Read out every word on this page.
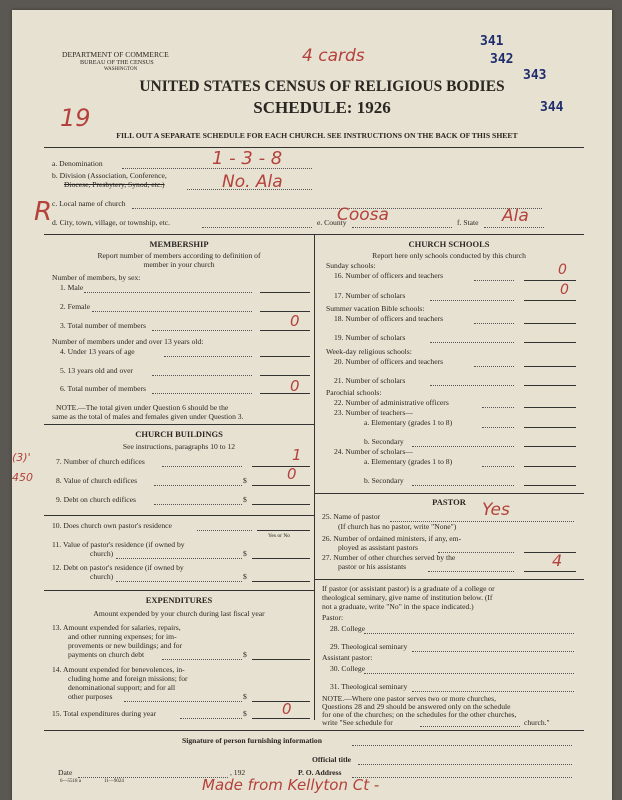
DEPARTMENT OF COMMERCE
BUREAU OF THE CENSUS
WASHINGTON
4 cards
341
342
343
344
UNITED STATES CENSUS OF RELIGIOUS BODIES
SCHEDULE: 1926
19
FILL OUT A SEPARATE SCHEDULE FOR EACH CHURCH. SEE INSTRUCTIONS ON THE BACK OF THIS SHEET
a. Denomination	1 - 3 - 8
b. Division (Association, Conference,
Diocese, Presbytery, Synod, etc.)	No. Ala
R c. Local name of church
d. City, town, village, or township, etc.	e. County
Coosa	f. State Ala
MEMBERSHIP
Report number of members according to definition of
member in your church
Number of members, by sex:
1. Male
2. Female
3. Total number of members	0
Number of members under and over 13 years old:
4. Under 13 years of age
5. 13 years old and over
6. Total number of members	0
NOTE.—The total given under Question 6 should be the
same as the total of males and females given under Question 3.
CHURCH BUILDINGS
See instructions, paragraphs 10 to 12
(3)'
450
7. Number of church edifices	1
8. Value of church edifices	$	0
9. Debt on church edifices	$
10. Does church own pastor's residence
Yes or No
11. Value of pastor's residence (if owned by
church)	$
12. Debt on pastor's residence (if owned by
church)	$
EXPENDITURES
Amount expended by your church during last fiscal year
13. Amount expended for salaries, repairs,
and other running expenses; for im-
provements or new buildings; and for
payments on church debt	$
14. Amount expended for benevolences, in-
cluding home and foreign missions; for
denominational support; and for all
other purposes	$
15. Total expenditures during year	$ 0
CHURCH SCHOOLS
Report here only schools conducted by this church
Sunday schools:
16. Number of officers and teachers	0
17. Number of scholars	0
Summer vacation Bible schools:
18. Number of officers and teachers
19. Number of scholars
Week-day religious schools:
20. Number of officers and teachers
21. Number of scholars
Parochial schools:
22. Number of administrative officers
23. Number of teachers—
a. Elementary (grades 1 to 8)
b. Secondary
24. Number of scholars—
a. Elementary (grades 1 to 8)
b. Secondary
PASTOR
25. Name of pastor	Yes
(If church has no pastor, write "None")
26. Number of ordained ministers, if any, em-
ployed as assistant pastors
27. Number of other churches served by the
pastor or his assistants	4
If pastor (or assistant pastor) is a graduate of a college or
theological seminary, give name of institution below. (If
not a graduate, write "No" in the space indicated.)
Pastor:
28. College
29. Theological seminary
Assistant pastor:
30. College
31. Theological seminary
NOTE.—Where one pastor serves two or more churches,
Questions 28 and 29 should be answered only on the schedule
for one of the churches; on the schedules for the other churches,
write "See schedule for	church."
Signature of person furnishing information
Official title
Date	, 192	P. O. Address
6—5518 a	11—9024	Made from Kellyton Ct -
